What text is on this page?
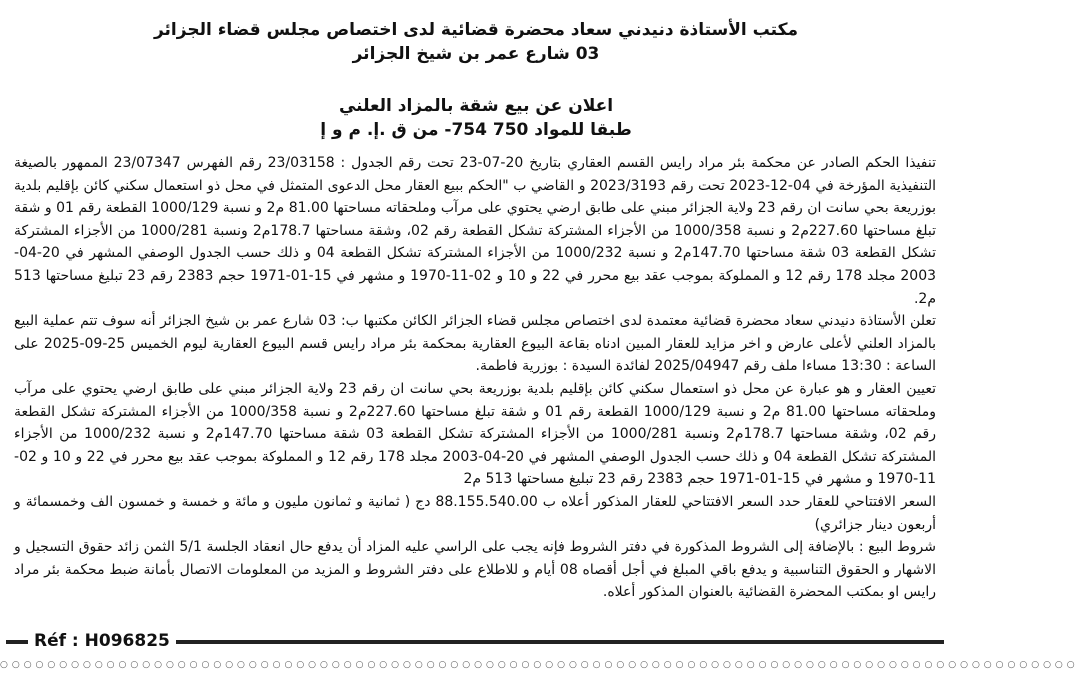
مكتب الأستاذة دنيدني سعاد محضرة قضائية لدى اختصاص مجلس قضاء الجزائر
03 شارع عمر بن شيخ الجزائر
اعلان عن بيع شقة بالمزاد العلني
طبقا للمواد 750 754- من ق .إ. م و إ

تنفيذا الحكم الصادر عن محكمة بئر مراد رايس القسم العقاري بتاريخ 20-07-23 تحت رقم الجدول : 23/03158 رقم الفهرس 23/07347 الممهور بالصيغة التنفيذية المؤرخة في 04-12-2023 تحت رقم 2023/3193 و القاضي ب "الحكم ببيع العقار محل الدعوى المتمثل في محل ذو استعمال سكني كائن بإقليم بلدية بوزريعة بحي سانت ان رقم 23 ولاية الجزائر مبني على طابق ارضي يحتوي على مرآب وملحقاته مساحتها 81.00 م2 و نسبة 1000/129 القطعة رقم 01 و شقة تبلغ مساحتها 227.60م2 و نسبة 1000/358 من الأجزاء المشتركة تشكل القطعة رقم 02، وشقة مساحتها 178.7م2 ونسبة 1000/281 من الأجزاء المشتركة تشكل القطعة 03 شقة مساحتها 147.70م2 و نسبة 1000/232 من الأجزاء المشتركة تشكل القطعة 04 و ذلك حسب الجدول الوصفي المشهر في 20-04-2003 مجلد 178 رقم 12 و المملوكة بموجب عقد بيع محرر في 22 و 10 و 02-11-1970 و مشهر في 15-01-1971 حجم 2383 رقم 23 تبليغ مساحتها 513 م2.

تعلن الأستاذة دنيدني سعاد محضرة قضائية معتمدة لدى اختصاص مجلس قضاء الجزائر الكائن مكتبها ب: 03 شارع عمر بن شيخ الجزائر أنه سوف تتم عملية البيع بالمزاد العلني لأعلى عارض و اخر مزايد للعقار المبين ادناه بقاعة البيوع العقارية بمحكمة بئر مراد رايس قسم البيوع العقارية ليوم الخميس 25-09-2025 على الساعة : 13:30 مساءا ملف رقم 2025/04947 لفائدة السيدة : بوزرية فاطمة.

تعيين العقار و هو عبارة عن محل ذو استعمال سكني كائن بإقليم بلدية بوزريعة بحي سانت ان رقم 23 ولاية الجزائر مبني على طابق ارضي يحتوي على مرآب وملحقاته مساحتها 81.00 م2 و نسبة 1000/129 القطعة رقم 01 و شقة تبلغ مساحتها 227.60م2 و نسبة 1000/358 من الأجزاء المشتركة تشكل القطعة رقم 02، وشقة مساحتها 178.7م2 ونسبة 1000/281 من الأجزاء المشتركة تشكل القطعة 03 شقة مساحتها 147.70م2 و نسبة 1000/232 من الأجزاء المشتركة تشكل القطعة 04 و ذلك حسب الجدول الوصفي المشهر في 20-04-2003 مجلد 178 رقم 12 و المملوكة بموجب عقد بيع محرر في 22 و 10 و 02-11-1970 و مشهر في 15-01-1971 حجم 2383 رقم 23 تبليغ مساحتها 513 م2

السعر الافتتاحي للعقار حدد السعر الافتتاحي للعقار المذكور أعلاه ب 88.155.540.00 دج ( ثمانية و ثمانون مليون و مائة و خمسة و خمسون الف وخمسمائة و أربعون دينار جزائري)

شروط البيع : بالإضافة إلى الشروط المذكورة في دفتر الشروط فإنه يجب على الراسي عليه المزاد أن يدفع حال انعقاد الجلسة 5/1 الثمن زائد حقوق التسجيل و الاشهار و الحقوق التناسبية و يدفع باقي المبلغ في أجل أقصاه 08 أيام و للاطلاع على دفتر الشروط و المزيد من المعلومات الاتصال بأمانة ضبط محكمة بئر مراد رايس او بمكتب المحضرة القضائية بالعنوان المذكور أعلاه.

Réf : H096825
○○○○○○○○○○○○○○○○○○○○○○○○○○○○○○○○○○○○○○○○○○○○○○○○○○○○○○○○○○○○○○○○○○○○○○○○○○○○○○○○○○○○○○○○○○○
